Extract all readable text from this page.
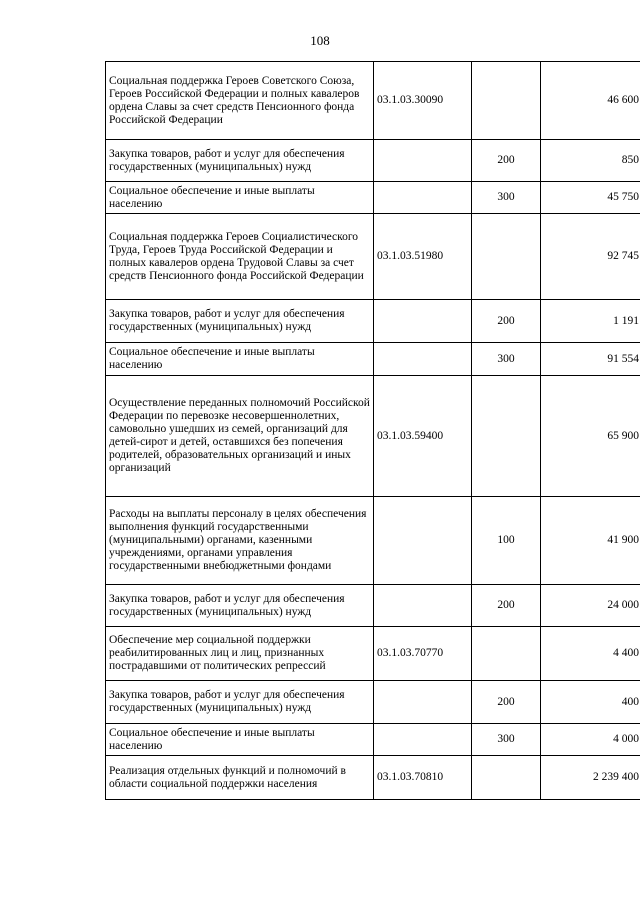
108
Социальная поддержка Героев Советского Союза, Героев Российской Федерации и полных кавалеров ордена Славы за счет средств Пенсионного фонда Российской Федерации	03.1.03.30090		46 600
Закупка товаров, работ и услуг для обеспечения государственных (муниципальных) нужд		200	850
Социальное обеспечение и иные выплаты населению		300	45 750
Социальная поддержка Героев Социалистического Труда, Героев Труда Российской Федерации и полных кавалеров ордена Трудовой Славы за счет средств Пенсионного фонда Российской Федерации	03.1.03.51980		92 745
Закупка товаров, работ и услуг для обеспечения государственных (муниципальных) нужд		200	1 191
Социальное обеспечение и иные выплаты населению		300	91 554
Осуществление переданных полномочий Российской Федерации по перевозке несовершеннолетних, самовольно ушедших из семей, организаций для детей-сирот и детей, оставшихся без попечения родителей, образовательных организаций и иных организаций	03.1.03.59400		65 900
Расходы на выплаты персоналу в целях обеспечения выполнения функций государственными (муниципальными) органами, казенными учреждениями, органами управления государственными внебюджетными фондами		100	41 900
Закупка товаров, работ и услуг для обеспечения государственных (муниципальных) нужд		200	24 000
Обеспечение мер социальной поддержки реабилитированных лиц и лиц, признанных пострадавшими от политических репрессий	03.1.03.70770		4 400
Закупка товаров, работ и услуг для обеспечения государственных (муниципальных) нужд		200	400
Социальное обеспечение и иные выплаты населению		300	4 000
Реализация отдельных функций и полномочий в области социальной поддержки населения	03.1.03.70810		2 239 400
